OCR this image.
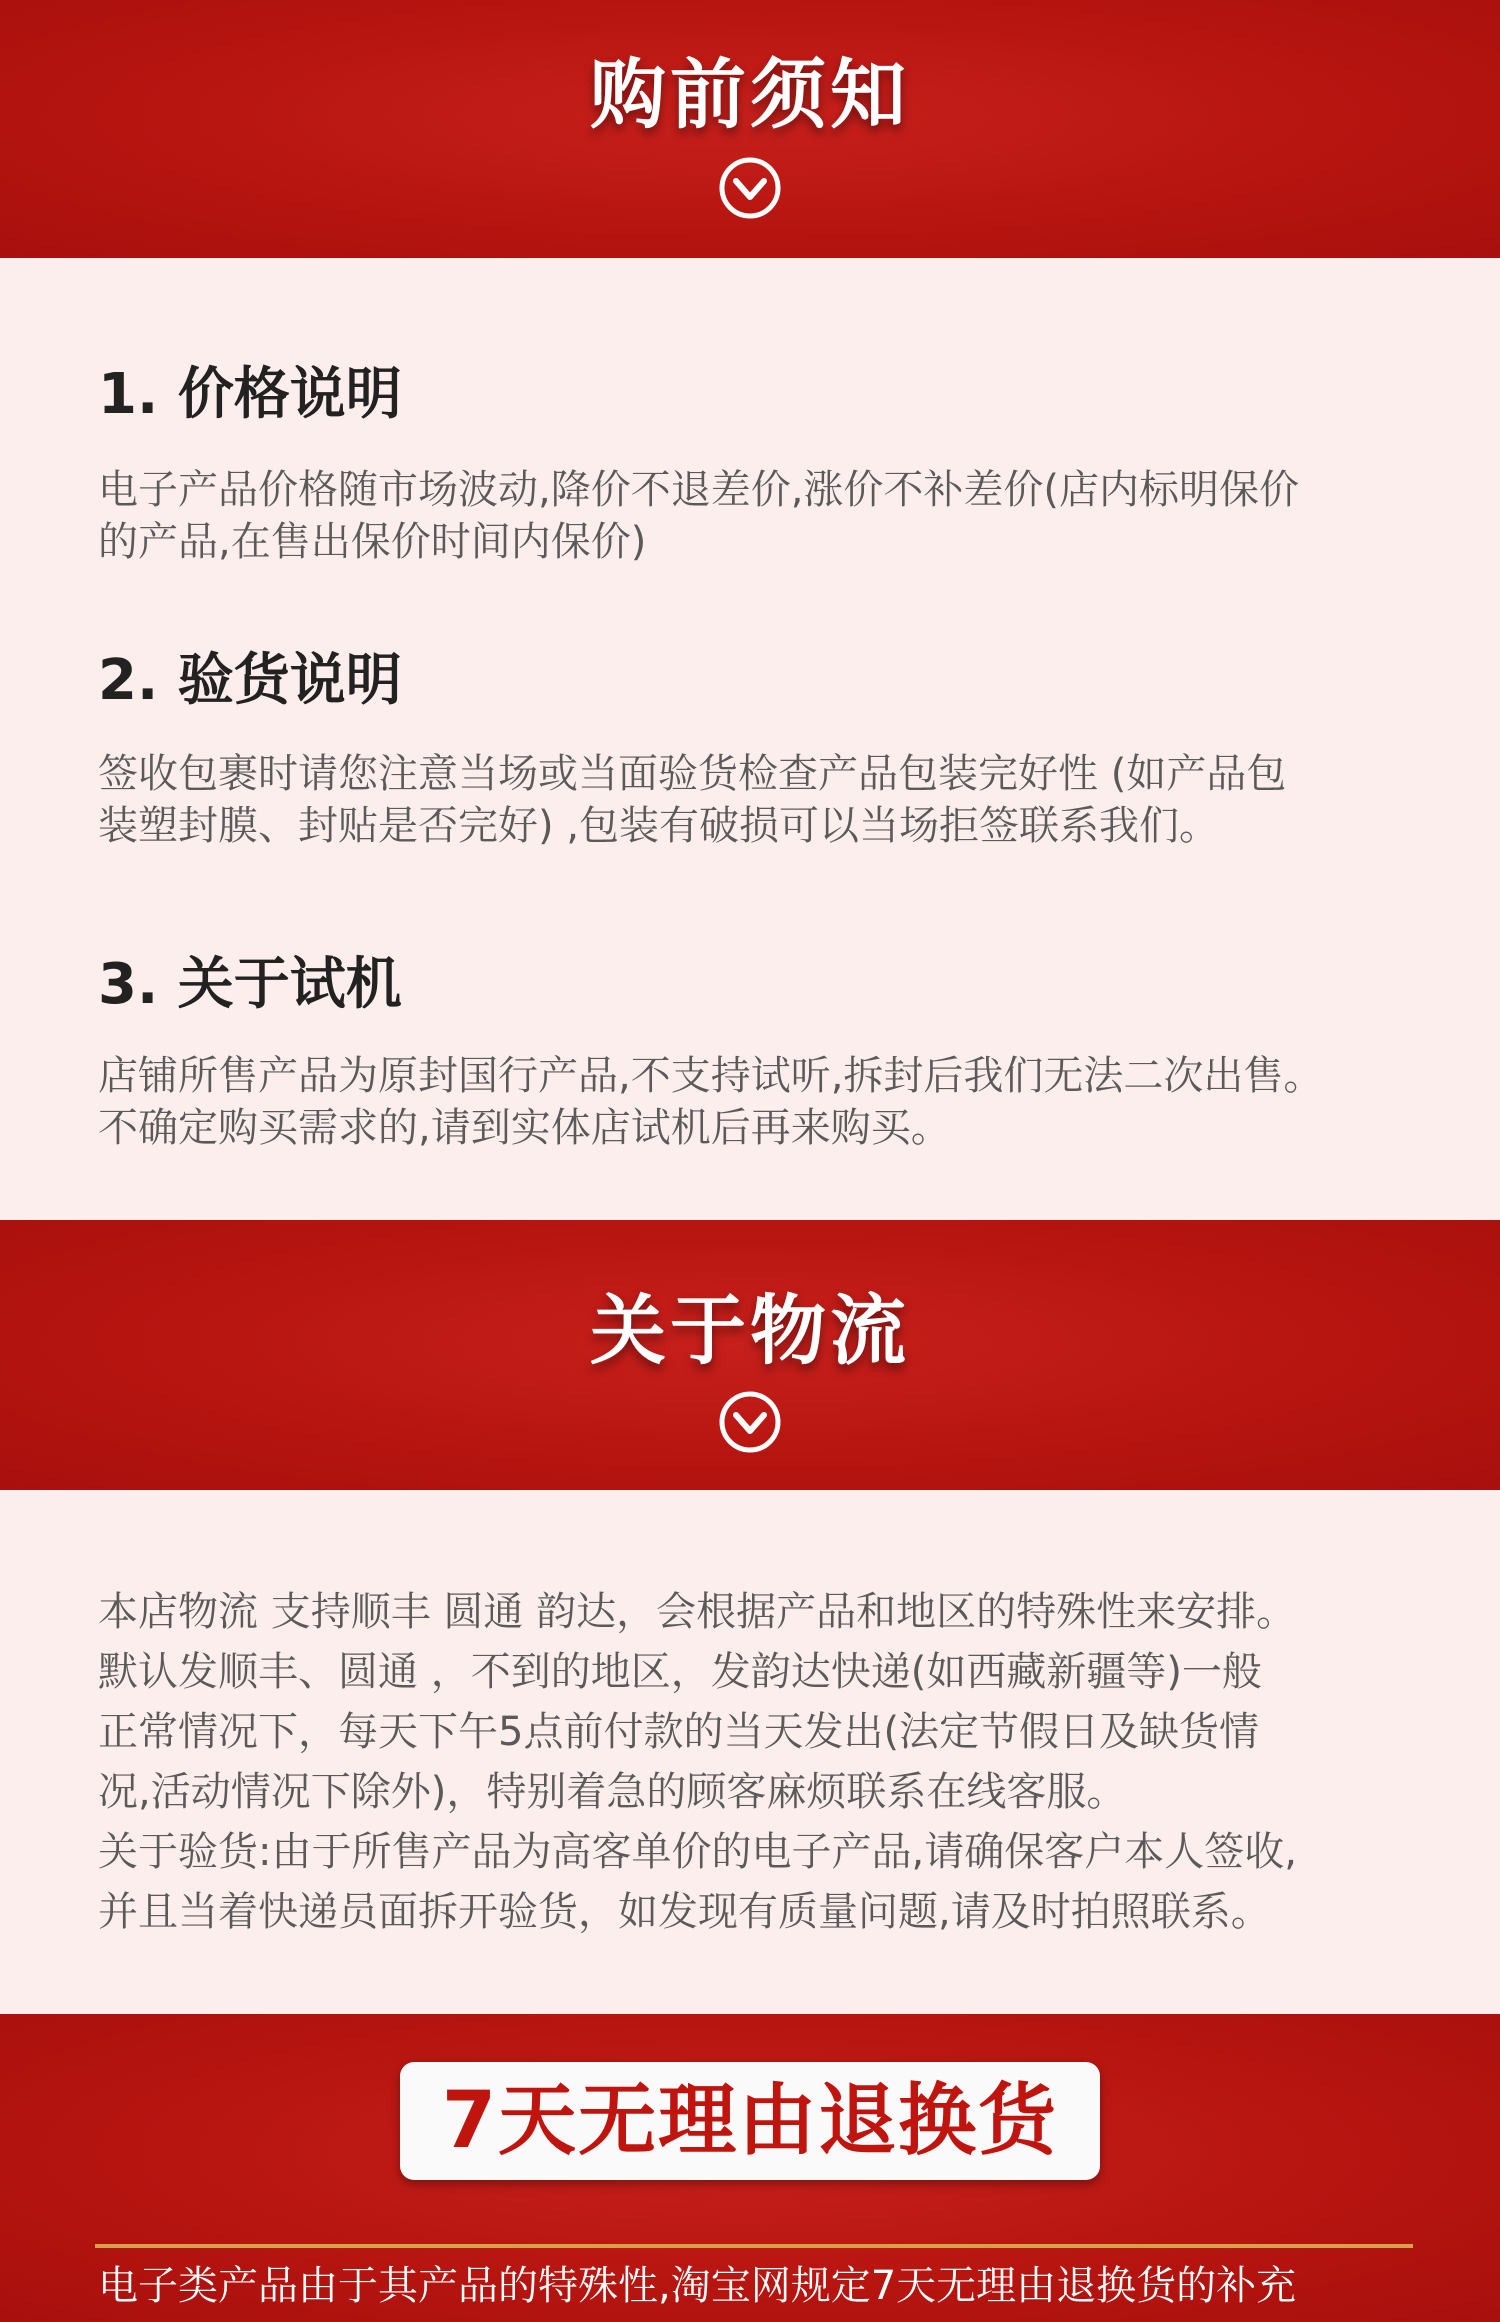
购前须知
1. 价格说明
电子产品价格随市场波动,降价不退差价,涨价不补差价(店内标明保价
的产品,在售出保价时间内保价)
2. 验货说明
签收包裹时请您注意当场或当面验货检查产品包装完好性 (如产品包
装塑封膜、封贴是否完好) ,包装有破损可以当场拒签联系我们。
3. 关于试机
店铺所售产品为原封国行产品,不支持试听,拆封后我们无法二次出售。
不确定购买需求的,请到实体店试机后再来购买。
关于物流
本店物流 支持顺丰 圆通 韵达，会根据产品和地区的特殊性来安排。
默认发顺丰、圆通 ，不到的地区，发韵达快递(如西藏新疆等)一般
正常情况下，每天下午5点前付款的当天发出(法定节假日及缺货情
况,活动情况下除外)，特别着急的顾客麻烦联系在线客服。
关于验货:由于所售产品为高客单价的电子产品,请确保客户本人签收,
并且当着快递员面拆开验货，如发现有质量问题,请及时拍照联系。
7天无理由退换货
电子类产品由于其产品的特殊性,淘宝网规定7天无理由退换货的补充
